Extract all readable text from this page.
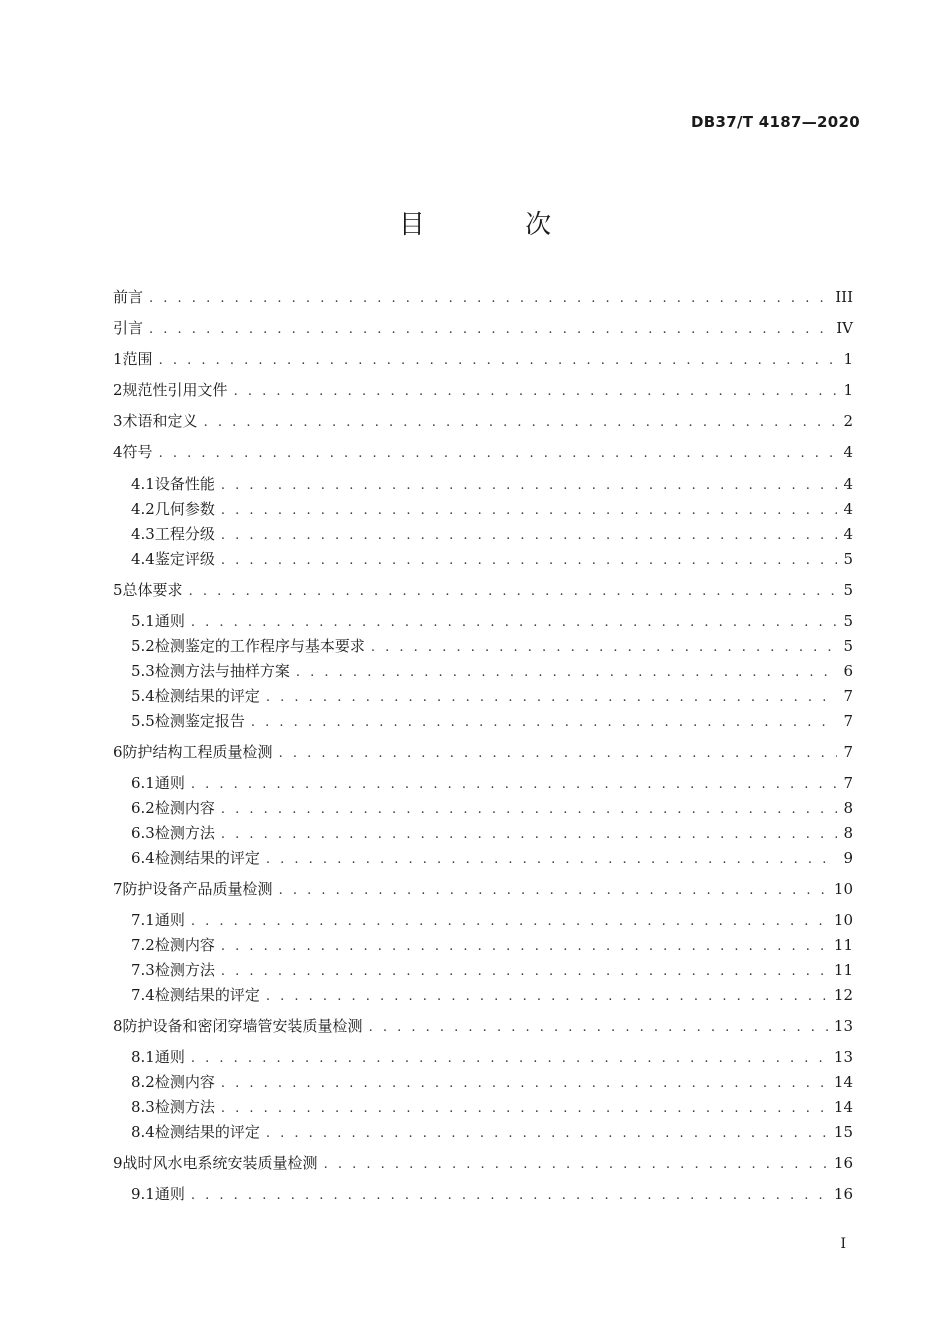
DB37/T 4187—2020
目 次
前言 . . .	III
引言 . . .	IV
1 范围 . . .	1
2 规范性引用文件 . . .	1
3 术语和定义 . . .	2
4 符号 . . .	4
4.1 设备性能 . . .	4
4.2 几何参数 . . .	4
4.3 工程分级 . . .	4
4.4 鉴定评级 . . .	5
5 总体要求 . . .	5
5.1 通则 . . .	5
5.2 检测鉴定的工作程序与基本要求 . . .	5
5.3 检测方法与抽样方案 . . .	6
5.4 检测结果的评定 . . .	7
5.5 检测鉴定报告 . . .	7
6 防护结构工程质量检测 . . .	7
6.1 通则 . . .	7
6.2 检测内容 . . .	8
6.3 检测方法 . . .	8
6.4 检测结果的评定 . . .	9
7 防护设备产品质量检测 . . .	10
7.1 通则 . . .	10
7.2 检测内容 . . .	11
7.3 检测方法 . . .	11
7.4 检测结果的评定 . . .	12
8 防护设备和密闭穿墙管安装质量检测 . . .	13
8.1 通则 . . .	13
8.2 检测内容 . . .	14
8.3 检测方法 . . .	14
8.4 检测结果的评定 . . .	15
9 战时风水电系统安装质量检测 . . .	16
9.1 通则 . . .	16
I
